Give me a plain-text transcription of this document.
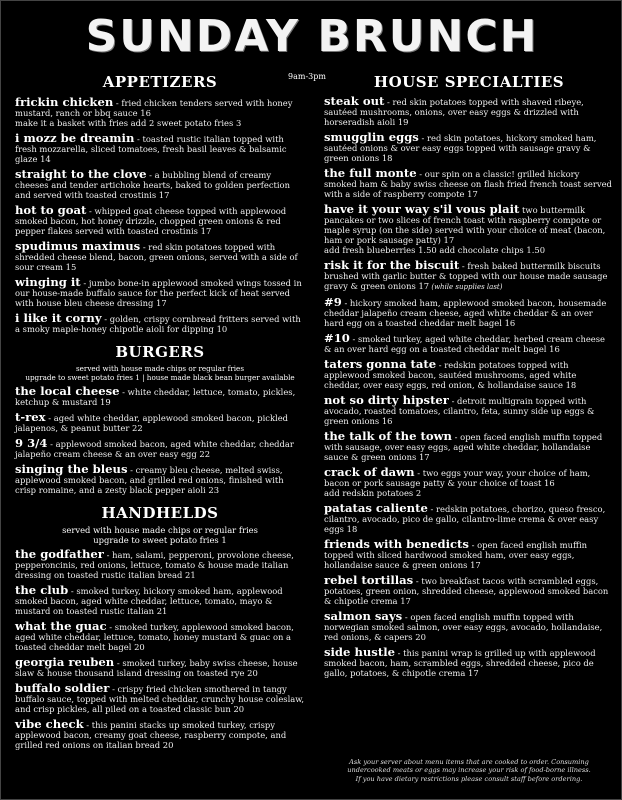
SUNDAY BRUNCH
9am-3pm
APPETIZERS
frickin chicken - fried chicken tenders served with honey mustard, ranch or bbq sauce 16
make it a basket with fries add 2 sweet potato fries 3
i mozz be dreamin - toasted rustic italian topped with fresh mozzarella, sliced tomatoes, fresh basil leaves & balsamic glaze 14
straight to the clove - a bubbling blend of creamy cheeses and tender artichoke hearts, baked to golden perfection and served with toasted crostinis 17
hot to goat - whipped goat cheese topped with applewood smoked bacon, hot honey drizzle, chopped green onions & red pepper flakes served with toasted crostinis 17
spudimus maximus - red skin potatoes topped with shredded cheese blend, bacon, green onions, served with a side of sour cream 15
winging it - jumbo bone-in applewood smoked wings tossed in our house-made buffalo sauce for the perfect kick of heat served with house bleu cheese dressing 17
i like it corny - golden, crispy cornbread fritters served with a smoky maple-honey chipotle aioli for dipping 10
BURGERS
served with house made chips or regular fries
upgrade to sweet potato fries 1 | house made black bean burger available
the local cheese - white cheddar, lettuce, tomato, pickles, ketchup & mustard 19
t-rex - aged white cheddar, applewood smoked bacon, pickled jalapenos, & peanut butter 22
9 3/4 - applewood smoked bacon, aged white cheddar, cheddar jalapeño cream cheese & an over easy egg 22
singing the bleus - creamy bleu cheese, melted swiss, applewood smoked bacon, and grilled red onions, finished with crisp romaine, and a zesty black pepper aioli 23
HANDHELDS
served with house made chips or regular fries
upgrade to sweet potato fries 1
the godfather - ham, salami, pepperoni, provolone cheese, pepperoncinis, red onions, lettuce, tomato & house made italian dressing on toasted rustic italian bread 21
the club - smoked turkey, hickory smoked ham, applewood smoked bacon, aged white cheddar, lettuce, tomato, mayo & mustard on toasted rustic italian 21
what the guac - smoked turkey, applewood smoked bacon, aged white cheddar, lettuce, tomato, honey mustard & guac on a toasted cheddar melt bagel 20
georgia reuben - smoked turkey, baby swiss cheese, house slaw & house thousand island dressing on toasted rye 20
buffalo soldier - crispy fried chicken smothered in tangy buffalo sauce, topped with melted cheddar, crunchy house coleslaw, and crisp pickles, all piled on a toasted classic bun 20
vibe check - this panini stacks up smoked turkey, crispy applewood bacon, creamy goat cheese, raspberry compote, and grilled red onions on italian bread 20
HOUSE SPECIALTIES
steak out - red skin potatoes topped with shaved ribeye, sautéed mushrooms, onions, over easy eggs & drizzled with horseradish aioli 19
smugglin eggs - red skin potatoes, hickory smoked ham, sautéed onions & over easy eggs topped with sausage gravy & green onions 18
the full monte - our spin on a classic! grilled hickory smoked ham & baby swiss cheese on flash fried french toast served with a side of raspberry compote 17
have it your way s'il vous plait two buttermilk pancakes or two slices of french toast with raspberry compote or maple syrup (on the side) served with your choice of meat (bacon, ham or pork sausage patty) 17
add fresh blueberries 1.50 add chocolate chips 1.50
risk it for the biscuit - fresh baked buttermilk biscuits brushed with garlic butter & topped with our house made sausage gravy & green onions 17 (while supplies last)
#9 - hickory smoked ham, applewood smoked bacon, housemade cheddar jalapeño cream cheese, aged white cheddar & an over hard egg on a toasted cheddar melt bagel 16
#10 - smoked turkey, aged white cheddar, herbed cream cheese & an over hard egg on a toasted cheddar melt bagel 16
taters gonna tate - redskin potatoes topped with applewood smoked bacon, sautéed mushrooms, aged white cheddar, over easy eggs, red onion, & hollandaise sauce 18
not so dirty hipster - detroit multigrain topped with avocado, roasted tomatoes, cilantro, feta, sunny side up eggs & green onions 16
the talk of the town - open faced english muffin topped with sausage, over easy eggs, aged white cheddar, hollandaise sauce & green onions 17
crack of dawn - two eggs your way, your choice of ham, bacon or pork sausage patty & your choice of toast 16
add redskin potatoes 2
patatas caliente - redskin potatoes, chorizo, queso fresco, cilantro, avocado, pico de gallo, cilantro-lime crema & over easy eggs 18
friends with benedicts - open faced english muffin topped with sliced hardwood smoked ham, over easy eggs, hollandaise sauce & green onions 17
rebel tortillas - two breakfast tacos with scrambled eggs, potatoes, green onion, shredded cheese, applewood smoked bacon & chipotle crema 17
salmon says - open faced english muffin topped with norwegian smoked salmon, over easy eggs, avocado, hollandaise, red onions, & capers 20
side hustle - this panini wrap is grilled up with applewood smoked bacon, ham, scrambled eggs, shredded cheese, pico de gallo, potatoes, & chipotle crema 17
Ask your server about menu items that are cooked to order. Consuming
undercooked meats or eggs may increase your risk of food-borne illness.
If you have dietary restrictions please consult staff before ordering.
